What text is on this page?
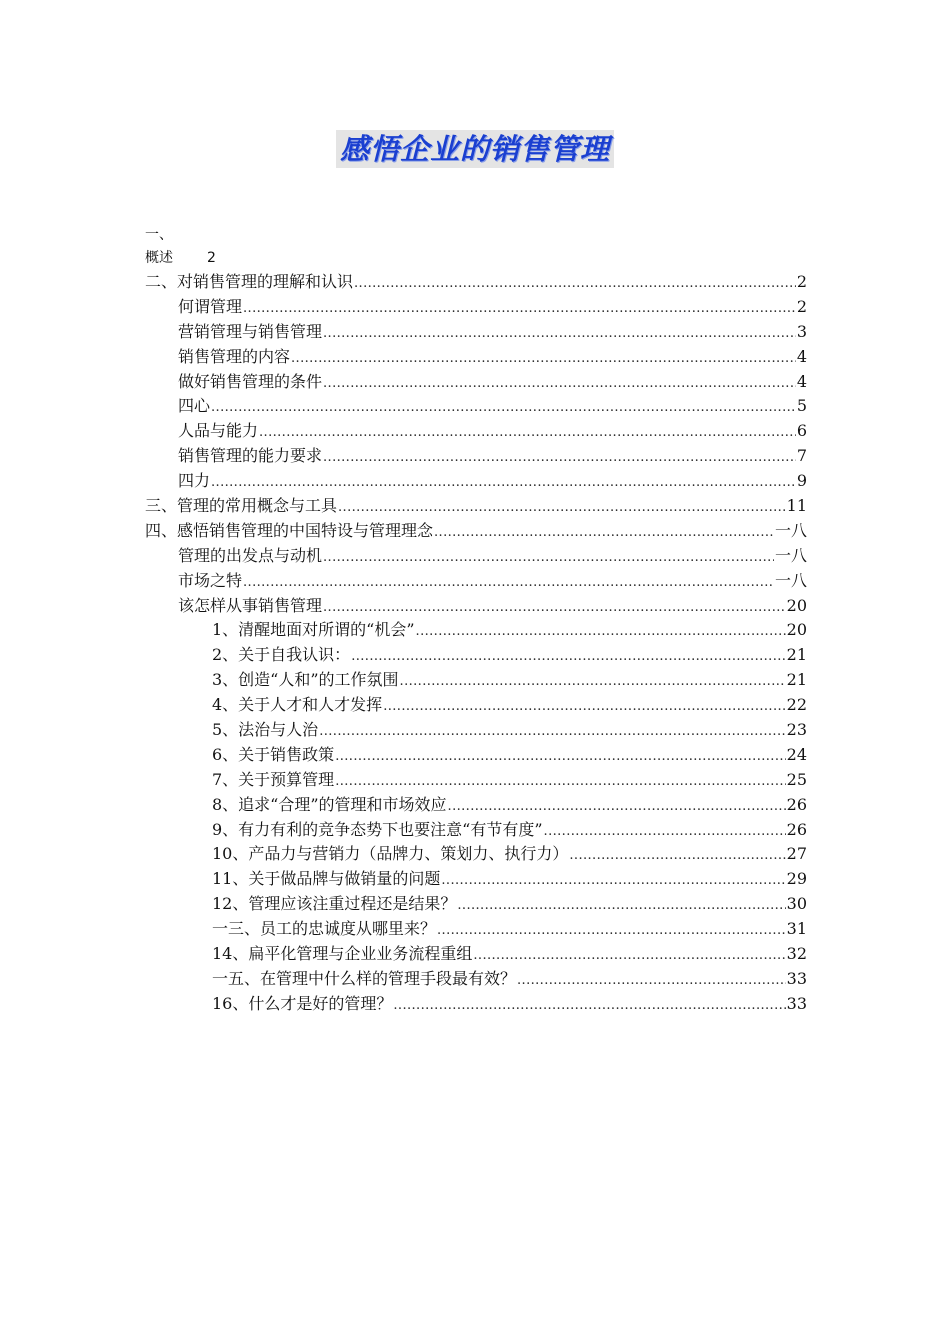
感悟企业的销售管理
一、
概述 2
二、对销售管理的理解和认识 .....	2
何谓管理 .....	2
营销管理与销售管理 .....	3
销售管理的内容 .....	4
做好销售管理的条件 .....	4
四心 .....	5
人品与能力 .....	6
销售管理的能力要求 .....	7
四力 .....	9
三、管理的常用概念与工具 .....	11
四、感悟销售管理的中国特设与管理理念 .....	一八
管理的出发点与动机 .....	一八
市场之特 .....	一八
该怎样从事销售管理 .....	20
1、清醒地面对所谓的“机会” .....	20
2、关于自我认识： .....	21
3、创造“人和”的工作氛围 .....	21
4、关于人才和人才发挥 .....	22
5、法治与人治 .....	23
6、关于销售政策 .....	24
7、关于预算管理 .....	25
8、追求“合理”的管理和市场效应 .....	26
9、有力有利的竞争态势下也要注意“有节有度” .....	26
10、产品力与营销力（品牌力、策划力、执行力） .....	27
11、关于做品牌与做销量的问题 .....	29
12、管理应该注重过程还是结果？ .....	30
一三、员工的忠诚度从哪里来？ .....	31
14、扁平化管理与企业业务流程重组 .....	32
一五、在管理中什么样的管理手段最有效？ .....	33
16、什么才是好的管理？ .....	33
